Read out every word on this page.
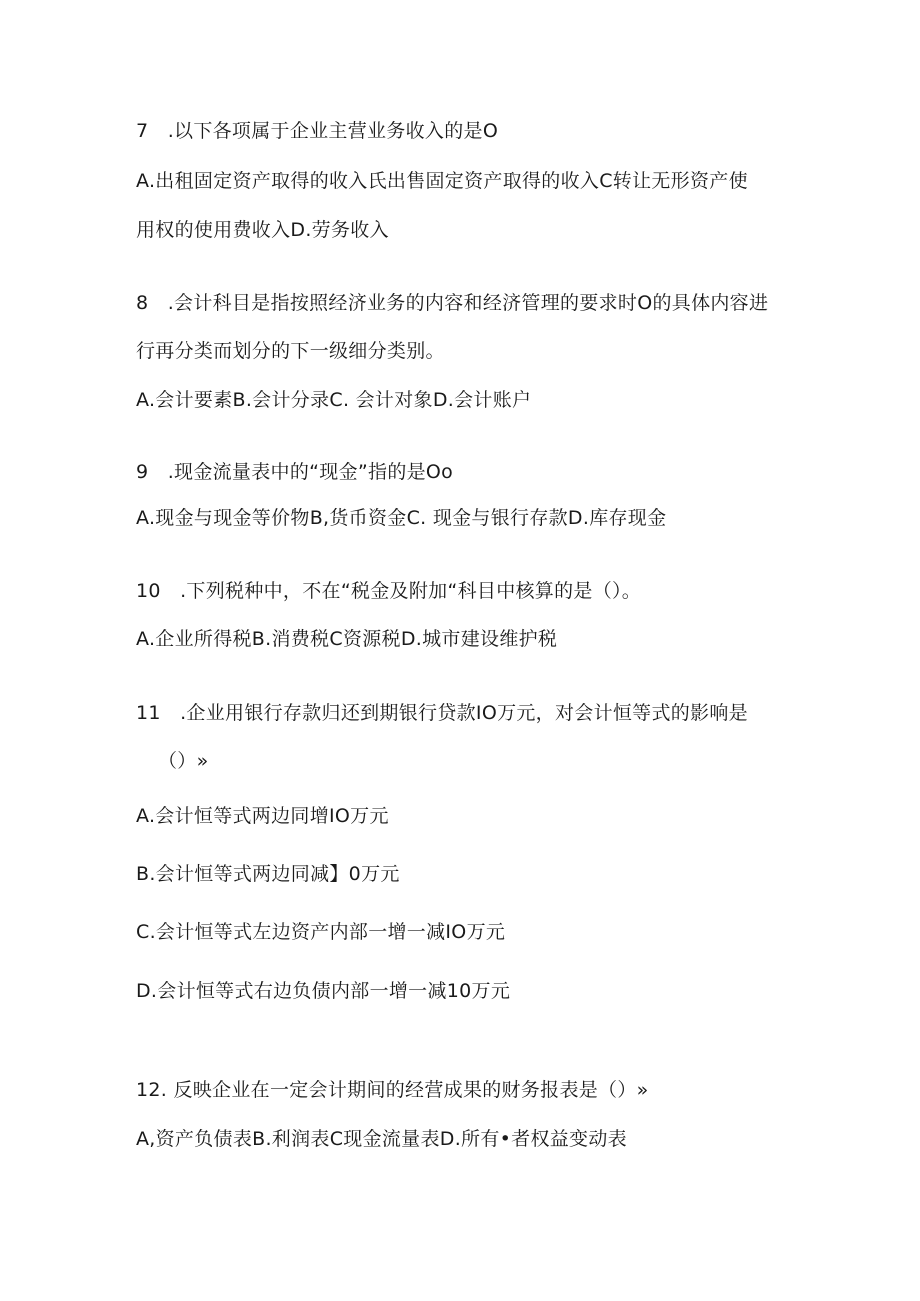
7　.以下各项属于企业主营业务收入的是O
A.出租固定资产取得的收入氏出售固定资产取得的收入C转让无形资产使
用权的使用费收入D.劳务收入
8　.会计科目是指按照经济业务的内容和经济管理的要求时O的具体内容进
行再分类而划分的下一级细分类别。
A.会计要素B.会计分录C. 会计对象D.会计账户
9　.现金流量表中的“现金”指的是Oo
A.现金与现金等价物B,货币资金C. 现金与银行存款D.库存现金
10　.下列税种中，不在“税金及附加“科目中核算的是（）。
A.企业所得税B.消费税C资源税D.城市建设维护税
11　.企业用银行存款归还到期银行贷款IO万元，对会计恒等式的影响是
（）»
A.会计恒等式两边同增IO万元
B.会计恒等式两边同减】0万元
C.会计恒等式左边资产内部一增一减IO万元
D.会计恒等式右边负债内部一增一减10万元
12. 反映企业在一定会计期间的经营成果的财务报表是（）»
A,资产负债表B.利润表C现金流量表D.所有•者权益变动表
